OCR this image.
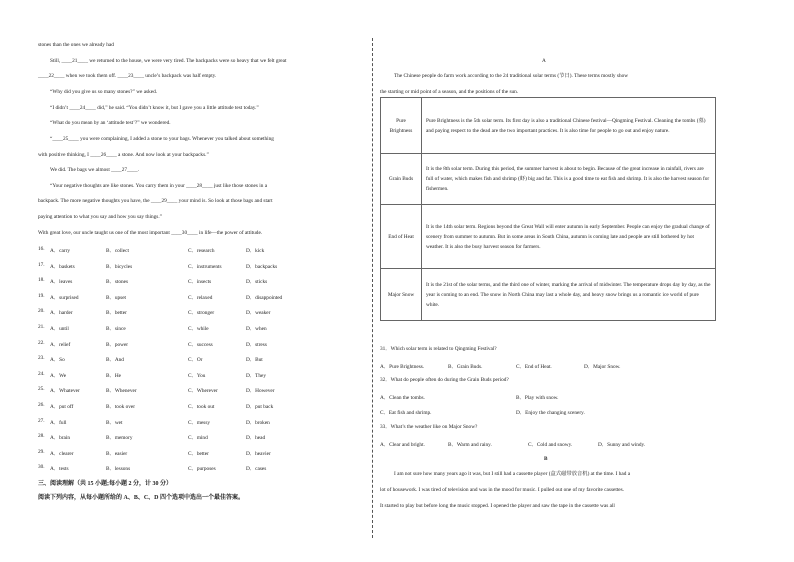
stones than the ones we already had
Still, ____21____ we returned to the house, we were very tired. The backpacks were so heavy that we felt great
____22____ when we took them off. ____23____ uncle’s backpack was half empty.
“Why did you give us so many stones?” we asked.
“I didn’t ____24____ did,” he said. “You didn’t know it, but I gave you a little attitude test today.”
“What do you mean by an ‘attitude test’?” we wondered.
“____25____ you were complaining, I added a stone to your bags. Whenever you talked about something
with positive thinking, I ____26____ a stone. And now look at your backpacks.”
We did. The bags we almost ____27____.
“Your negative thoughts are like stones. You carry them in your ____28____ just like those stones in a
backpack. The more negative thoughts you have, the ____29____ your mind is. So look at those bags and start
paying attention to what you say and how you say things.”
With great love, our uncle taught us one of the most important ____30____ in life—the power of attitude.
16. A．carry	B．collect	C．research	D．kick
17. A．baskets	B．bicycles	C．instruments	D．backpacks
18. A．leaves	B．stones	C．insects	D．sticks
19. A．surprised	B．upset	C．relaxed	D．disappointed
20. A．harder	B．better	C．stronger	D．weaker
21. A．until	B．since	C．while	D．when
22. A．relief	B．power	C．success	D．stress
23. A．So	B．And	C．Or	D．But
24. A．We	B．He	C．You	D．They
25. A．Whatever	B．Whenever	C．Wherever	D．However
26. A．put off	B．took over	C．took out	D．put back
27. A．full	B．wet	C．messy	D．broken
28. A．brain	B．memory	C．mind	D．head
29. A．clearer	B．easier	C．better	D．heavier
30. A．tests	B．lessons	C．purposes	D．cases
三、阅读理解（共 15 小题;每小题 2 分，计 30 分）
阅读下列内容，从每小题所给的 A、B、C、D 四个选项中选出一个最佳答案。
A
The Chinese people do farm work according to the 24 traditional solar terms (节日). These terms mostly show
the starting or mid point of a season, and the positions of the sun.
Pure Brightness	Pure Brightness is the 5th solar term. Its first day is also a traditional Chinese festival—Qingming Festival. Cleaning the tombs (墓) and paying respect to the dead are the two important practices. It is also time for people to go out and enjoy nature.
Grain Buds	It is the 8th solar term. During this period, the summer harvest is about to begin. Because of the great increase in rainfall, rivers are full of water, which makes fish and shrimp (虾) big and fat. This is a good time to eat fish and shrimp. It is also the harvest season for fishermen.
End of Heat	It is the 14th solar term. Regions beyond the Great Wall will enter autumn in early September. People can enjoy the gradual change of scenery from summer to autumn. But in some areas in South China, autumn is coming late and people are still bothered by hot weather. It is also the busy harvest season for farmers.
Major Snow	It is the 21st of the solar terms, and the third one of winter, marking the arrival of midwinter. The temperature drops day by day, as the year is coming to an end. The snow in North China may last a whole day, and heavy snow brings us a romantic ice world of pure white.
31．Which solar term is related to Qingming Festival?
A．Pure Brightness.	B．Grain Buds.	C．End of Heat.	D．Major Snow.
32．What do people often do during the Grain Buds period?
A．Clean the tombs.	B．Play with snow.
C．Eat fish and shrimp.	D．Enjoy the changing scenery.
33．What’s the weather like on Major Snow?
A．Clear and bright.	B．Warm and rainy.	C．Cold and snowy.	D．Sunny and windy.
B
I am not sure how many years ago it was, but I still had a cassette player (盒式磁带放音机) at the time. I had a
lot of housework. I was tired of television and was in the mood for music. I pulled out one of my favorite cassettes.
It started to play but before long the music stopped. I opened the player and saw the tape in the cassette was all
